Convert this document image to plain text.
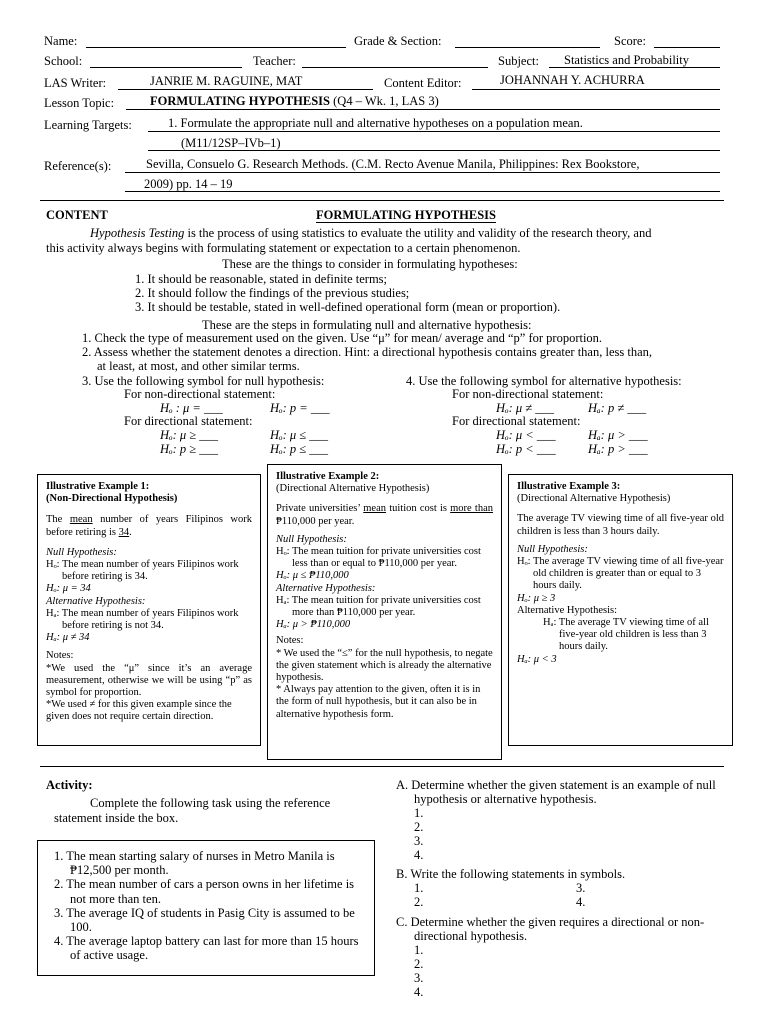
Name:	Grade & Section:	Score:
School:	Teacher:	Subject: Statistics and Probability
LAS Writer:	JANRIE M. RAGUINE, MAT	Content Editor:	JOHANNAH Y. ACHURRA
Lesson Topic:	FORMULATING HYPOTHESIS (Q4 – Wk. 1, LAS 3)
Learning Targets:	1. Formulate the appropriate null and alternative hypotheses on a population mean.
(M11/12SP–IVb–1)
Reference(s):	Sevilla, Consuelo G. Research Methods. (C.M. Recto Avenue Manila, Philippines: Rex Bookstore,
2009) pp. 14 – 19
CONTENT	FORMULATING HYPOTHESIS
Hypothesis Testing is the process of using statistics to evaluate the utility and validity of the research theory, and
this activity always begins with formulating statement or expectation to a certain phenomenon.
These are the things to consider in formulating hypotheses:
1. It should be reasonable, stated in definite terms;
2. It should follow the findings of the previous studies;
3. It should be testable, stated in well-defined operational form (mean or proportion).
These are the steps in formulating null and alternative hypothesis:
1. Check the type of measurement used on the given. Use “μ” for mean/ average and “p” for proportion.
2. Assess whether the statement denotes a direction. Hint: a directional hypothesis contains greater than, less than,
at least, at most, and other similar terms.
3. Use the following symbol for null hypothesis:	4. Use the following symbol for alternative hypothesis:
For non-directional statement:
Hₒ : μ = ___	Hₒ: p = ___
For directional statement:
Hₒ: μ ≥ ___	Hₒ: μ ≤ ___
Hₒ: p ≥ ___	Hₒ: p ≤ ___
For non-directional statement:
Hₒ: μ ≠ ___	Hₐ: p ≠ ___
For directional statement:
Hₒ: μ < ___	Hₐ: μ > ___
Hₒ: p < ___	Hₐ: p > ___

Illustrative Example 1:

(Non-Directional Hypothesis)

The mean number of years Filipinos work before retiring is 34.

Null Hypothesis:

Hₒ: The mean number of years Filipinos work before retiring is 34.

Hₒ: μ = 34

Alternative Hypothesis:

Hₐ: The mean number of years Filipinos work before retiring is not 34.

Hₐ: μ ≠ 34

Notes:

*We used the “μ” since it’s an average measurement, otherwise we will be using “p” as symbol for proportion.

*We used ≠ for this given example since the given does not require certain direction.

Illustrative Example 2:

(Directional Alternative Hypothesis)

Private universities’ mean tuition cost is more than ₱110,000 per year.

Null Hypothesis:

Hₒ: The mean tuition for private universities cost less than or equal to ₱110,000 per year.

Hₒ: μ ≤ ₱110,000

Alternative Hypothesis:

Hₐ: The mean tuition for private universities cost more than ₱110,000 per year.

Hₐ: μ > ₱110,000

Notes:

* We used the “≤” for the null hypothesis, to negate the given statement which is already the alternative hypothesis.

* Always pay attention to the given, often it is in the form of null hypothesis, but it can also be in alternative hypothesis form.

Illustrative Example 3:

(Directional Alternative Hypothesis)

The average TV viewing time of all five-year old children is less than 3 hours daily.

Null Hypothesis:

Hₒ: The average TV viewing time of all five-year old children is greater than or equal to 3 hours daily.

Hₒ: μ ≥ 3

Alternative Hypothesis:

Hₐ: The average TV viewing time of all five-year old children is less than 3 hours daily.

Hₐ: μ < 3

Activity:
Complete the following task using the reference statement inside the box.
1. The mean starting salary of nurses in Metro Manila is ₱12,500 per month.
2. The mean number of cars a person owns in her lifetime is not more than ten.
3. The average IQ of students in Pasig City is assumed to be 100.
4. The average laptop battery can last for more than 15 hours of active usage.
A. Determine whether the given statement is an example of null hypothesis or alternative hypothesis.
1.
2.
3.
4.
B. Write the following statements in symbols.
1.	3.
2.	4.
C. Determine whether the given requires a directional or non-directional hypothesis.
1.
2.
3.
4.
